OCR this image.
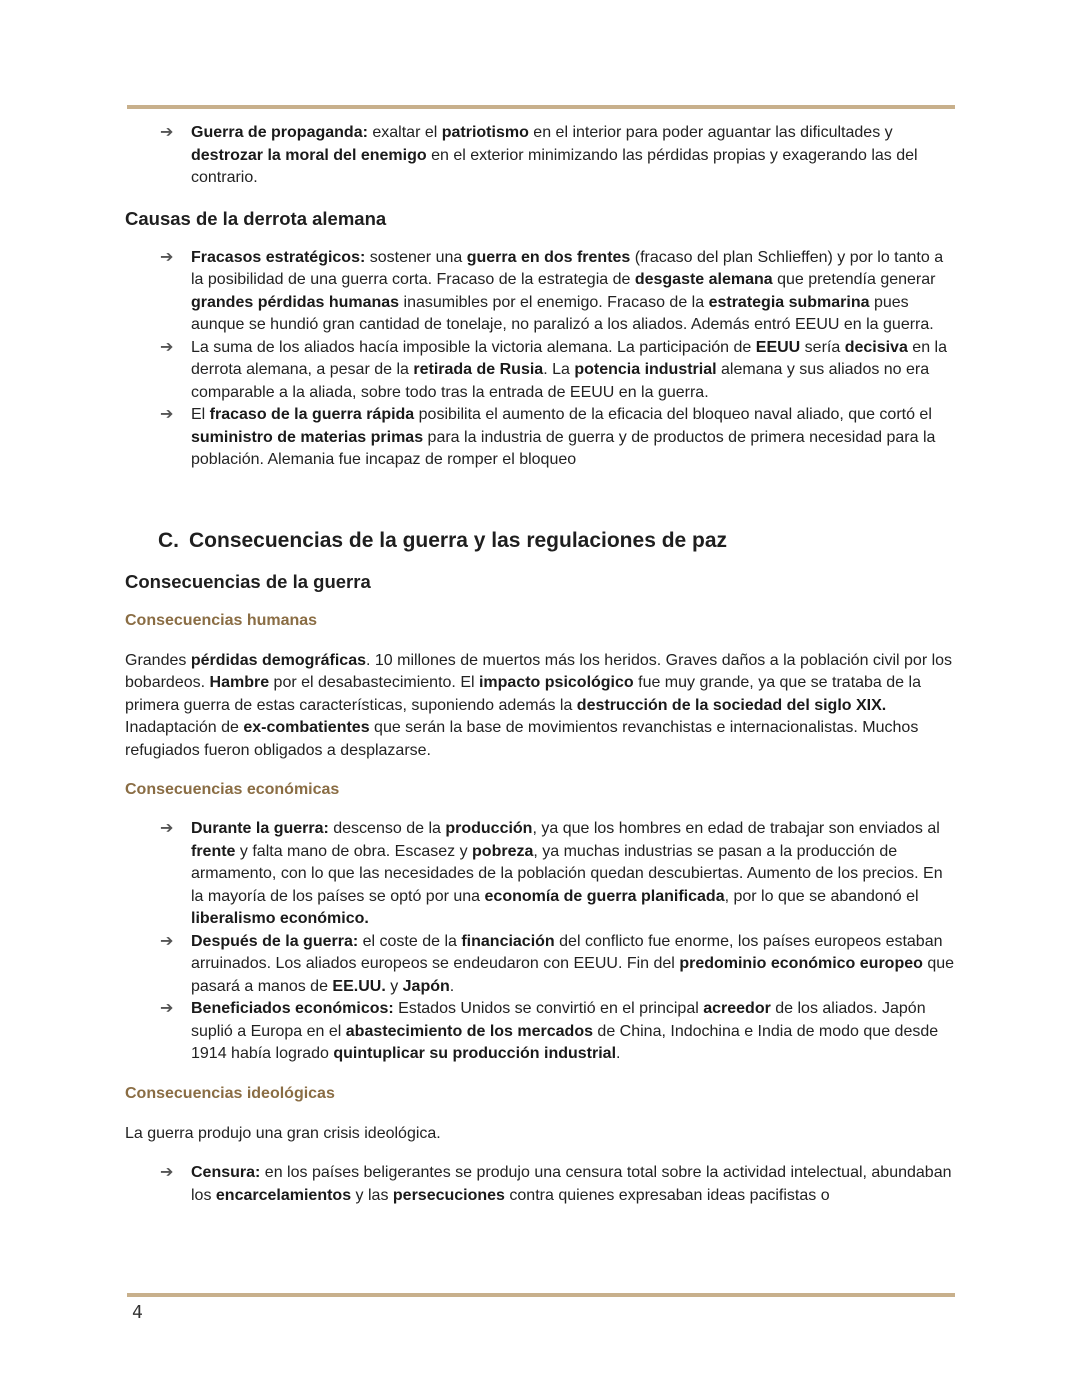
➔ Guerra de propaganda: exaltar el patriotismo en el interior para poder aguantar las dificultades y destrozar la moral del enemigo en el exterior minimizando las pérdidas propias y exagerando las del contrario.
Causas de la derrota alemana
➔ Fracasos estratégicos: sostener una guerra en dos frentes (fracaso del plan Schlieffen) y por lo tanto a la posibilidad de una guerra corta. Fracaso de la estrategia de desgaste alemana que pretendía generar grandes pérdidas humanas inasumibles por el enemigo. Fracaso de la estrategia submarina pues aunque se hundió gran cantidad de tonelaje, no paralizó a los aliados. Además entró EEUU en la guerra.
➔ La suma de los aliados hacía imposible la victoria alemana. La participación de EEUU sería decisiva en la derrota alemana, a pesar de la retirada de Rusia. La potencia industrial alemana y sus aliados no era comparable a la aliada, sobre todo tras la entrada de EEUU en la guerra.
➔ El fracaso de la guerra rápida posibilita el aumento de la eficacia del bloqueo naval aliado, que cortó el suministro de materias primas para la industria de guerra y de productos de primera necesidad para la población. Alemania fue incapaz de romper el bloqueo
C. Consecuencias de la guerra y las regulaciones de paz
Consecuencias de la guerra
Consecuencias humanas

Grandes pérdidas demográficas. 10 millones de muertos más los heridos. Graves daños a la población civil por los bobardeos. Hambre por el desabastecimiento. El impacto psicológico fue muy grande, ya que se trataba de la primera guerra de estas características, suponiendo además la destrucción de la sociedad del siglo XIX. Inadaptación de ex-combatientes que serán la base de movimientos revanchistas e internacionalistas. Muchos refugiados fueron obligados a desplazarse.

Consecuencias económicas
➔ Durante la guerra: descenso de la producción, ya que los hombres en edad de trabajar son enviados al frente y falta mano de obra. Escasez y pobreza, ya muchas industrias se pasan a la producción de armamento, con lo que las necesidades de la población quedan descubiertas. Aumento de los precios. En la mayoría de los países se optó por una economía de guerra planificada, por lo que se abandonó el liberalismo económico.
➔ Después de la guerra: el coste de la financiación del conflicto fue enorme, los países europeos estaban arruinados. Los aliados europeos se endeudaron con EEUU. Fin del predominio económico europeo que pasará a manos de EE.UU. y Japón.
➔ Beneficiados económicos: Estados Unidos se convirtió en el principal acreedor de los aliados. Japón suplió a Europa en el abastecimiento de los mercados de China, Indochina e India de modo que desde 1914 había logrado quintuplicar su producción industrial.
Consecuencias ideológicas

La guerra produjo una gran crisis ideológica.

➔ Censura: en los países beligerantes se produjo una censura total sobre la actividad intelectual, abundaban los encarcelamientos y las persecuciones contra quienes expresaban ideas pacifistas o
4
